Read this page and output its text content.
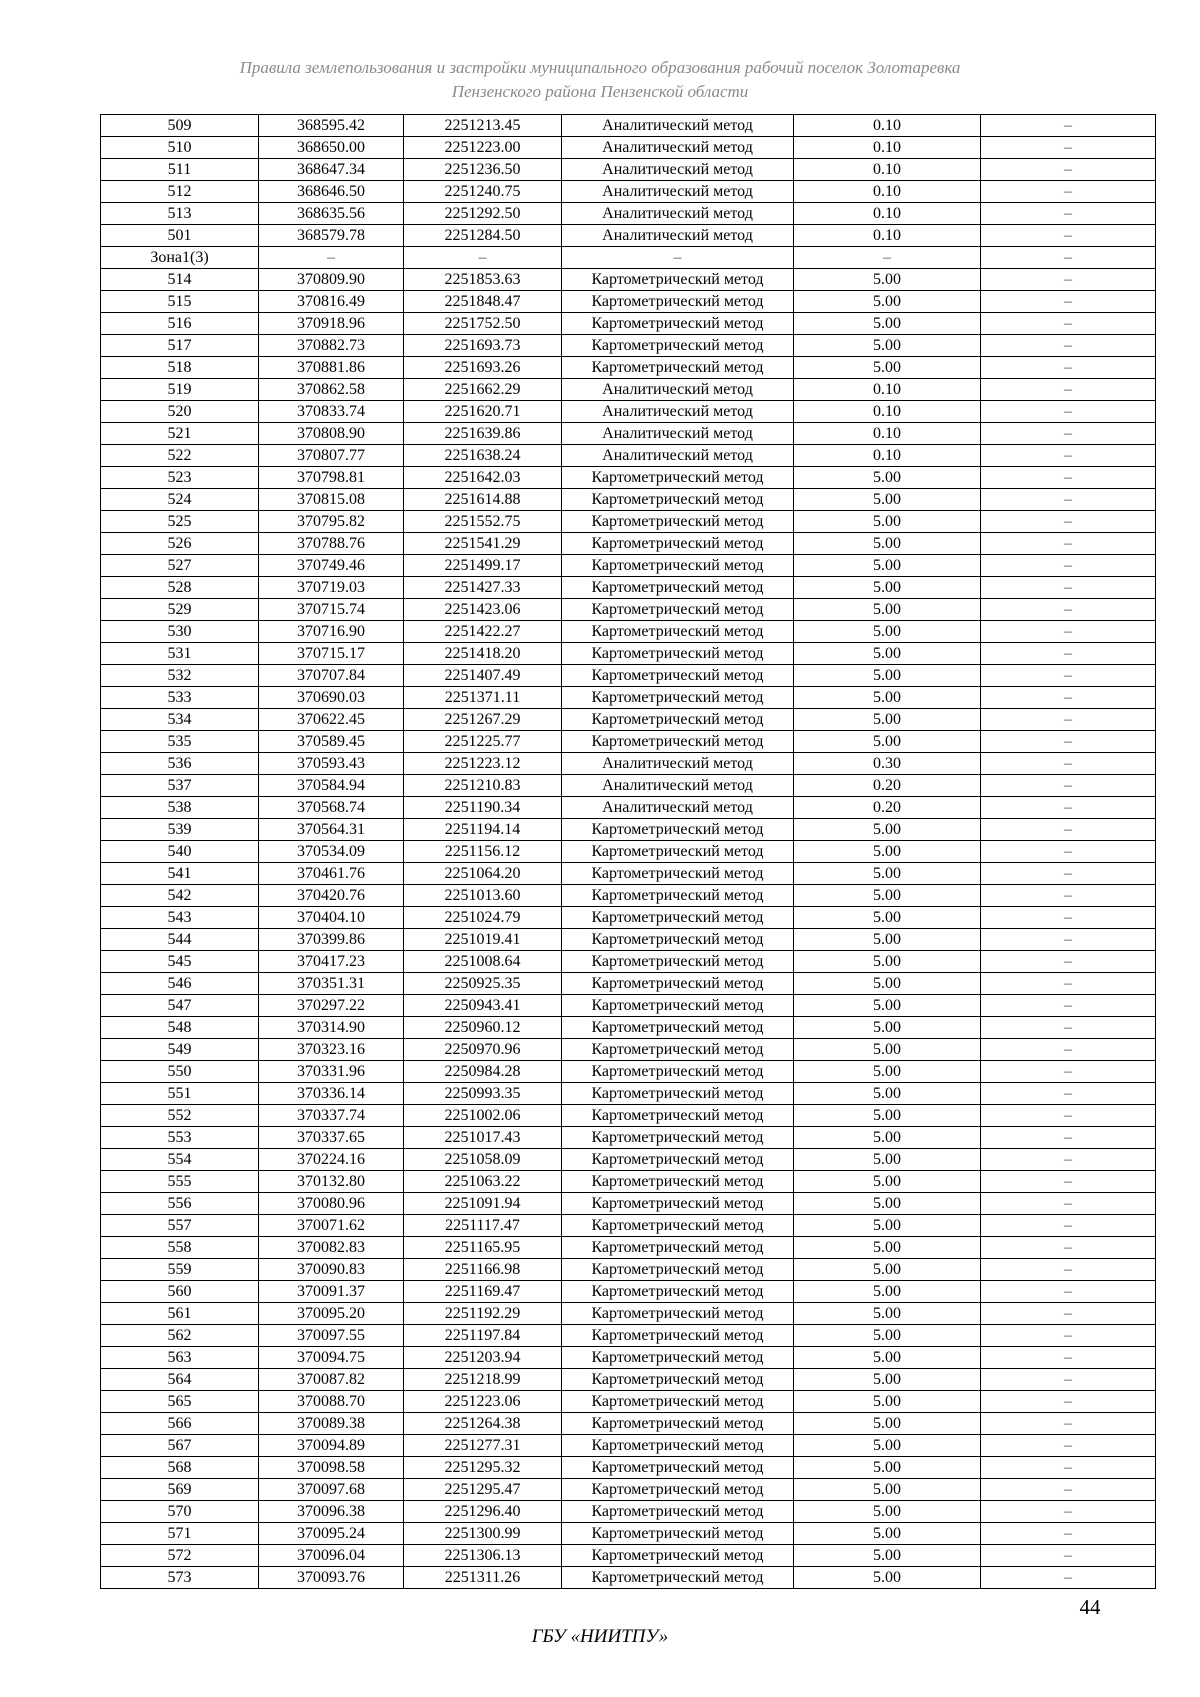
Правила землепользования и застройки муниципального образования рабочий поселок Золотаревка
Пензенского района Пензенской области
509	368595.42	2251213.45	Аналитический метод	0.10	–
510	368650.00	2251223.00	Аналитический метод	0.10	–
511	368647.34	2251236.50	Аналитический метод	0.10	–
512	368646.50	2251240.75	Аналитический метод	0.10	–
513	368635.56	2251292.50	Аналитический метод	0.10	–
501	368579.78	2251284.50	Аналитический метод	0.10	–
Зона1(3)	–	–	–	–	–
514	370809.90	2251853.63	Картометрический метод	5.00	–
515	370816.49	2251848.47	Картометрический метод	5.00	–
516	370918.96	2251752.50	Картометрический метод	5.00	–
517	370882.73	2251693.73	Картометрический метод	5.00	–
518	370881.86	2251693.26	Картометрический метод	5.00	–
519	370862.58	2251662.29	Аналитический метод	0.10	–
520	370833.74	2251620.71	Аналитический метод	0.10	–
521	370808.90	2251639.86	Аналитический метод	0.10	–
522	370807.77	2251638.24	Аналитический метод	0.10	–
523	370798.81	2251642.03	Картометрический метод	5.00	–
524	370815.08	2251614.88	Картометрический метод	5.00	–
525	370795.82	2251552.75	Картометрический метод	5.00	–
526	370788.76	2251541.29	Картометрический метод	5.00	–
527	370749.46	2251499.17	Картометрический метод	5.00	–
528	370719.03	2251427.33	Картометрический метод	5.00	–
529	370715.74	2251423.06	Картометрический метод	5.00	–
530	370716.90	2251422.27	Картометрический метод	5.00	–
531	370715.17	2251418.20	Картометрический метод	5.00	–
532	370707.84	2251407.49	Картометрический метод	5.00	–
533	370690.03	2251371.11	Картометрический метод	5.00	–
534	370622.45	2251267.29	Картометрический метод	5.00	–
535	370589.45	2251225.77	Картометрический метод	5.00	–
536	370593.43	2251223.12	Аналитический метод	0.30	–
537	370584.94	2251210.83	Аналитический метод	0.20	–
538	370568.74	2251190.34	Аналитический метод	0.20	–
539	370564.31	2251194.14	Картометрический метод	5.00	–
540	370534.09	2251156.12	Картометрический метод	5.00	–
541	370461.76	2251064.20	Картометрический метод	5.00	–
542	370420.76	2251013.60	Картометрический метод	5.00	–
543	370404.10	2251024.79	Картометрический метод	5.00	–
544	370399.86	2251019.41	Картометрический метод	5.00	–
545	370417.23	2251008.64	Картометрический метод	5.00	–
546	370351.31	2250925.35	Картометрический метод	5.00	–
547	370297.22	2250943.41	Картометрический метод	5.00	–
548	370314.90	2250960.12	Картометрический метод	5.00	–
549	370323.16	2250970.96	Картометрический метод	5.00	–
550	370331.96	2250984.28	Картометрический метод	5.00	–
551	370336.14	2250993.35	Картометрический метод	5.00	–
552	370337.74	2251002.06	Картометрический метод	5.00	–
553	370337.65	2251017.43	Картометрический метод	5.00	–
554	370224.16	2251058.09	Картометрический метод	5.00	–
555	370132.80	2251063.22	Картометрический метод	5.00	–
556	370080.96	2251091.94	Картометрический метод	5.00	–
557	370071.62	2251117.47	Картометрический метод	5.00	–
558	370082.83	2251165.95	Картометрический метод	5.00	–
559	370090.83	2251166.98	Картометрический метод	5.00	–
560	370091.37	2251169.47	Картометрический метод	5.00	–
561	370095.20	2251192.29	Картометрический метод	5.00	–
562	370097.55	2251197.84	Картометрический метод	5.00	–
563	370094.75	2251203.94	Картометрический метод	5.00	–
564	370087.82	2251218.99	Картометрический метод	5.00	–
565	370088.70	2251223.06	Картометрический метод	5.00	–
566	370089.38	2251264.38	Картометрический метод	5.00	–
567	370094.89	2251277.31	Картометрический метод	5.00	–
568	370098.58	2251295.32	Картометрический метод	5.00	–
569	370097.68	2251295.47	Картометрический метод	5.00	–
570	370096.38	2251296.40	Картометрический метод	5.00	–
571	370095.24	2251300.99	Картометрический метод	5.00	–
572	370096.04	2251306.13	Картометрический метод	5.00	–
573	370093.76	2251311.26	Картометрический метод	5.00	–
44
ГБУ «НИИТПУ»
